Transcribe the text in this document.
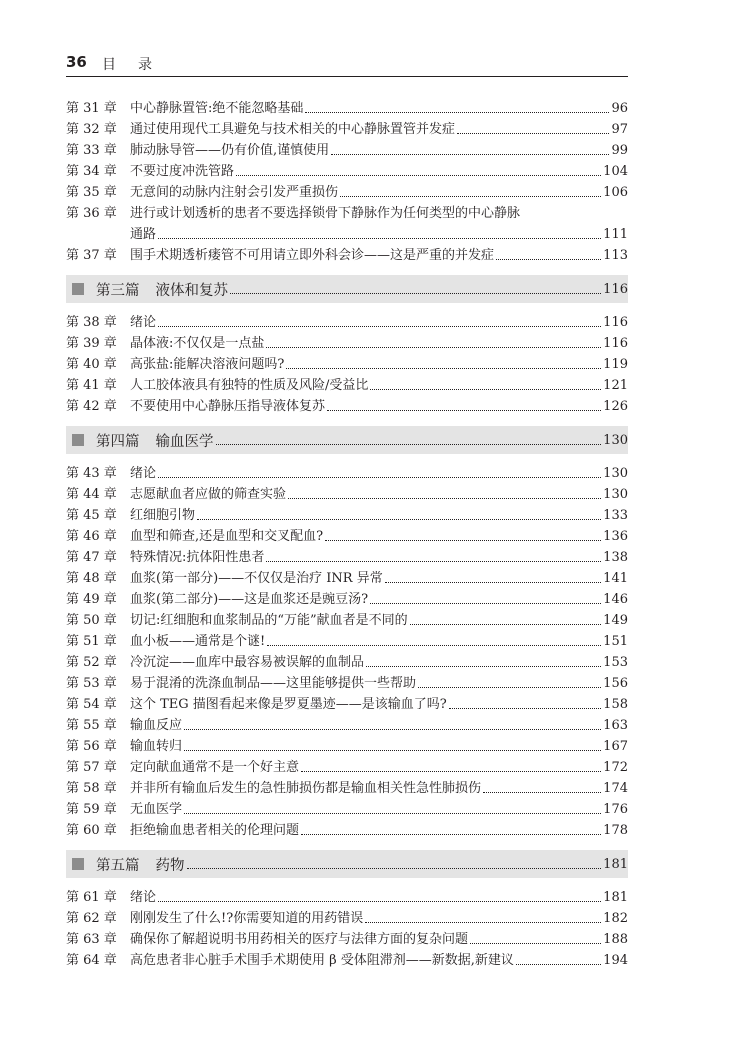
36 目录
第 31 章	中心静脉置管:绝不能忽略基础	96
第 32 章	通过使用现代工具避免与技术相关的中心静脉置管并发症	97
第 33 章	肺动脉导管——仍有价值,谨慎使用	99
第 34 章	不要过度冲洗管路	104
第 35 章	无意间的动脉内注射会引发严重损伤	106
第 36 章	进行或计划透析的患者不要选择锁骨下静脉作为任何类型的中心静脉
通路	111
第 37 章	围手术期透析瘘管不可用请立即外科会诊——这是严重的并发症	113
第三篇 液体和复苏	116
第 38 章	绪论	116
第 39 章	晶体液:不仅仅是一点盐	116
第 40 章	高张盐:能解决溶液问题吗?	119
第 41 章	人工胶体液具有独特的性质及风险/受益比	121
第 42 章	不要使用中心静脉压指导液体复苏	126
第四篇 输血医学	130
第 43 章	绪论	130
第 44 章	志愿献血者应做的筛查实验	130
第 45 章	红细胞引物	133
第 46 章	血型和筛查,还是血型和交叉配血?	136
第 47 章	特殊情况:抗体阳性患者	138
第 48 章	血浆(第一部分)——不仅仅是治疗 INR 异常	141
第 49 章	血浆(第二部分)——这是血浆还是豌豆汤?	146
第 50 章	切记:红细胞和血浆制品的“万能”献血者是不同的	149
第 51 章	血小板——通常是个谜!	151
第 52 章	冷沉淀——血库中最容易被误解的血制品	153
第 53 章	易于混淆的洗涤血制品——这里能够提供一些帮助	156
第 54 章	这个 TEG 描图看起来像是罗夏墨迹——是该输血了吗?	158
第 55 章	输血反应	163
第 56 章	输血转归	167
第 57 章	定向献血通常不是一个好主意	172
第 58 章	并非所有输血后发生的急性肺损伤都是输血相关性急性肺损伤	174
第 59 章	无血医学	176
第 60 章	拒绝输血患者相关的伦理问题	178
第五篇 药物	181
第 61 章	绪论	181
第 62 章	刚刚发生了什么!?你需要知道的用药错误	182
第 63 章	确保你了解超说明书用药相关的医疗与法律方面的复杂问题	188
第 64 章	高危患者非心脏手术围手术期使用 β 受体阻滞剂——新数据,新建议	194
